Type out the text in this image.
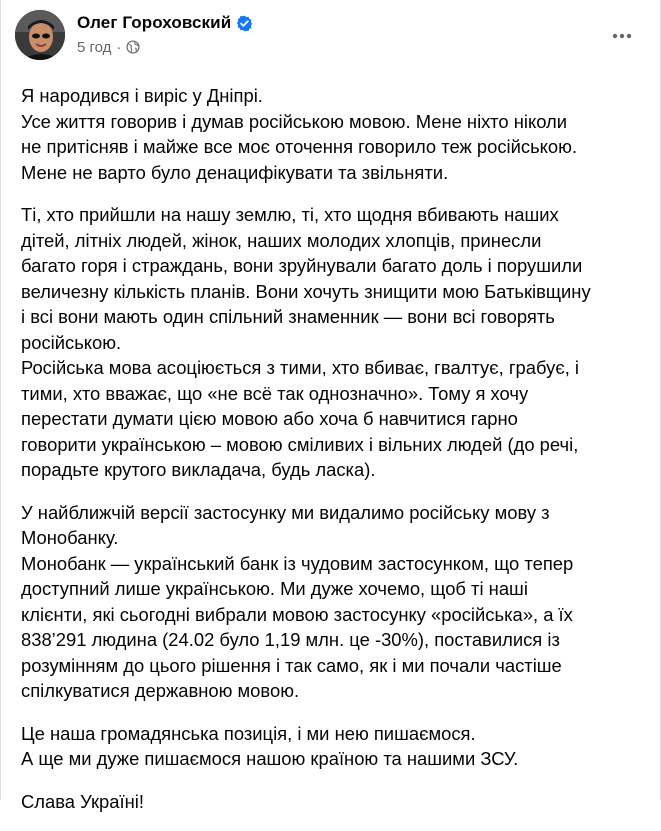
Олег Гороховский
5 год ·
Я народився і виріс у Дніпрі.
Усе життя говорив і думав російською мовою. Мене ніхто ніколи
не притісняв і майже все моє оточення говорило теж російською.
Мене не варто було денацифікувати та звільняти.
Ті, хто прийшли на нашу землю, ті, хто щодня вбивають наших
дітей, літніх людей, жінок, наших молодих хлопців, принесли
багато горя і страждань, вони зруйнували багато доль і порушили
величезну кількість планів. Вони хочуть знищити мою Батьківщину
і всі вони мають один спільний знаменник — вони всі говорять
російською.
Російська мова асоціюється з тими, хто вбиває, гвалтує, грабує, і
тими, хто вважає, що «не всё так однозначно». Тому я хочу
перестати думати цією мовою або хоча б навчитися гарно
говорити українською – мовою сміливих і вільних людей (до речі,
порадьте крутого викладача, будь ласка).
У найближчій версії застосунку ми видалимо російську мову з
Монобанку.
Монобанк — український банк із чудовим застосунком, що тепер
доступний лише українською. Ми дуже хочемо, щоб ті наші
клієнти, які сьогодні вибрали мовою застосунку «російська», а їх
838’291 людина (24.02 було 1,19 млн. це -30%), поставилися із
розумінням до цього рішення і так само, як і ми почали частіше
спілкуватися державною мовою.
Це наша громадянська позиція, і ми нею пишаємося.
А ще ми дуже пишаємося нашою країною та нашими ЗСУ.
Слава Україні!
